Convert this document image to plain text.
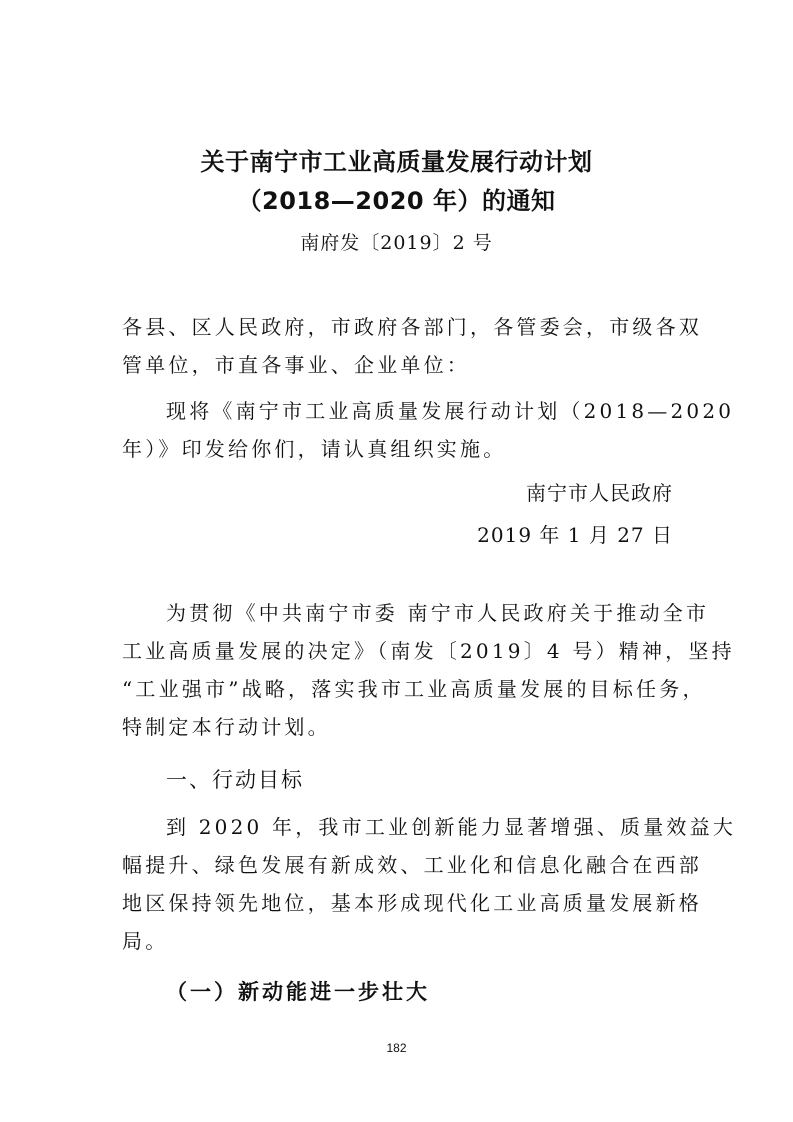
关于南宁市工业高质量发展行动计划
（2018—2020 年）的通知
南府发〔2019〕2 号
各县、区人民政府，市政府各部门，各管委会，市级各双
管单位，市直各事业、企业单位：
现将《南宁市工业高质量发展行动计划（2018—2020
年）》印发给你们，请认真组织实施。
南宁市人民政府
2019 年 1 月 27 日
为贯彻《中共南宁市委 南宁市人民政府关于推动全市
工业高质量发展的决定》（南发〔2019〕4 号）精神，坚持
“工业强市”战略，落实我市工业高质量发展的目标任务，
特制定本行动计划。
一、行动目标
到 2020 年，我市工业创新能力显著增强、质量效益大
幅提升、绿色发展有新成效、工业化和信息化融合在西部
地区保持领先地位，基本形成现代化工业高质量发展新格
局。
（一）新动能进一步壮大
182
